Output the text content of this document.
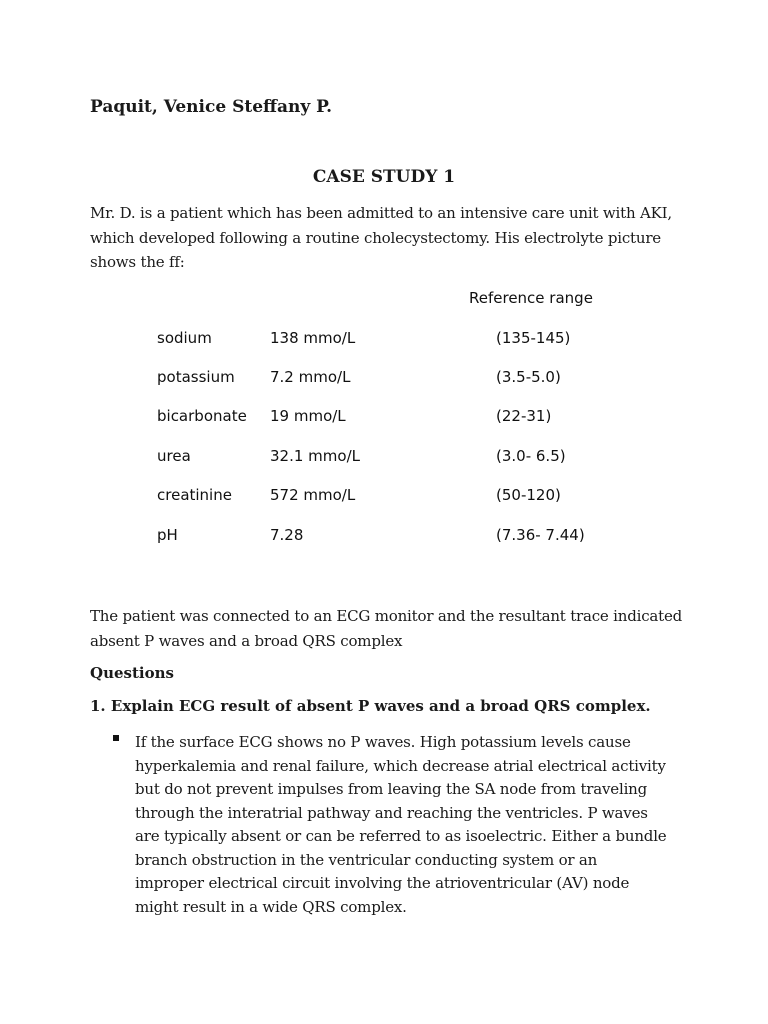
Paquit, Venice Steffany P.
CASE STUDY 1
Mr. D. is a patient which has been admitted to an intensive care unit with AKI, which developed following a routine cholecystectomy. His electrolyte picture shows the ff:
Reference range
sodium	138 mmo/L	(135-145)
potassium 7.2 mmo/L	(3.5-5.0)
bicarbonate 19 mmo/L	(22-31)
urea	32.1 mmo/L	(3.0- 6.5)
creatinine	572 mmo/L	(50-120)
pH	7.28	(7.36- 7.44)
The patient was connected to an ECG monitor and the resultant trace indicated absent P waves and a broad QRS complex
Questions
1. Explain ECG result of absent P waves and a broad QRS complex.
If the surface ECG shows no P waves. High potassium levels cause hyperkalemia and renal failure, which decrease atrial electrical activity but do not prevent impulses from leaving the SA node from traveling through the interatrial pathway and reaching the ventricles. P waves are typically absent or can be referred to as isoelectric. Either a bundle branch obstruction in the ventricular conducting system or an improper electrical circuit involving the atrioventricular (AV) node might result in a wide QRS complex.
